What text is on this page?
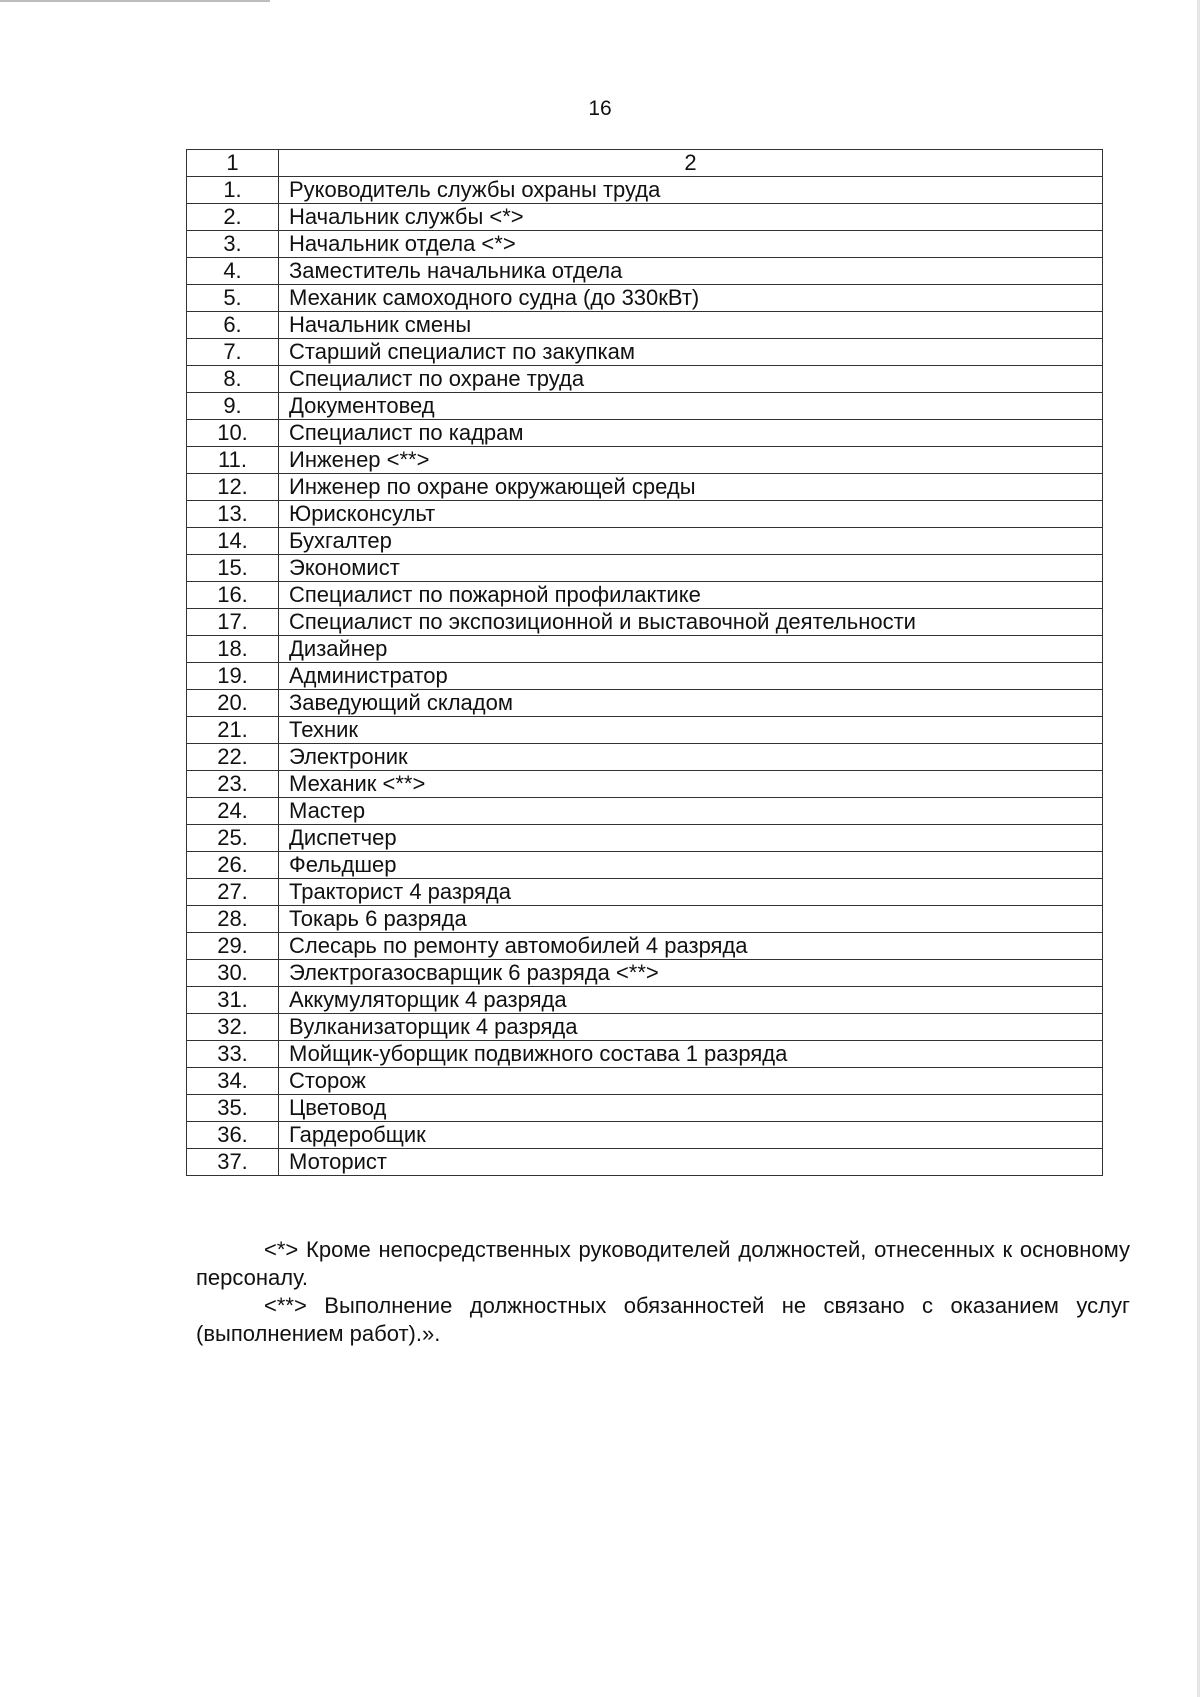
16
1	2
1.	Руководитель службы охраны труда
2.	Начальник службы <*>
3.	Начальник отдела <*>
4.	Заместитель начальника отдела
5.	Механик самоходного судна (до 330кВт)
6.	Начальник смены
7.	Старший специалист по закупкам
8.	Специалист по охране труда
9.	Документовед
10.	Специалист по кадрам
11.	Инженер <**>
12.	Инженер по охране окружающей среды
13.	Юрисконсульт
14.	Бухгалтер
15.	Экономист
16.	Специалист по пожарной профилактике
17.	Специалист по экспозиционной и выставочной деятельности
18.	Дизайнер
19.	Администратор
20.	Заведующий складом
21.	Техник
22.	Электроник
23.	Механик <**>
24.	Мастер
25.	Диспетчер
26.	Фельдшер
27.	Тракторист 4 разряда
28.	Токарь 6 разряда
29.	Слесарь по ремонту автомобилей 4 разряда
30.	Электрогазосварщик 6 разряда <**>
31.	Аккумуляторщик 4 разряда
32.	Вулканизаторщик 4 разряда
33.	Мойщик-уборщик подвижного состава 1 разряда
34.	Сторож
35.	Цветовод
36.	Гардеробщик
37.	Моторист

<*> Кроме непосредственных руководителей должностей, отнесенных к основному персоналу.

<**> Выполнение должностных обязанностей не связано с оказанием услуг (выполнением работ).».
